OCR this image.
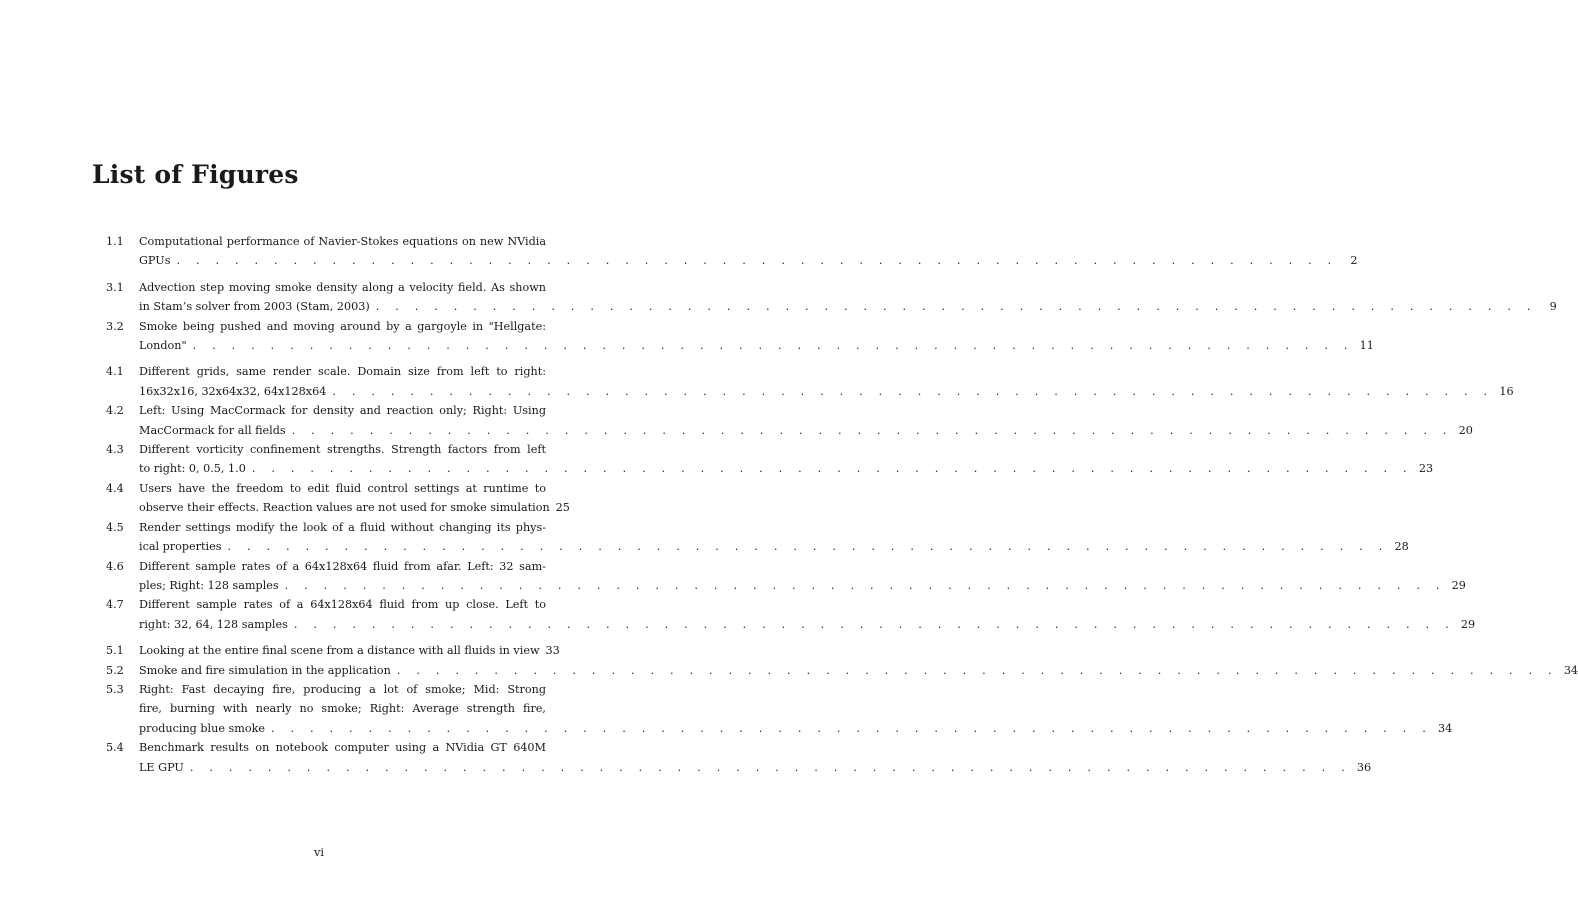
List of Figures
1.1 Computational performance of Navier-Stokes equations on new NVidia
GPUs . . . . . . . . . . . . . . . . . . . . . . . . . . . . . . . . . . . . . . . . . . . . . . . . . . . . . . . . . . . .	2
3.1 Advection step moving smoke density along a velocity field. As shown
in Stam’s solver from 2003 (Stam, 2003) . . . . . . . . . . . . . . . . . . . . . . . . . . . . . . . . . . . . . . . . . . . . . . . . . . . . . . . . . . . .	9
3.2 Smoke being pushed and moving around by a gargoyle in "Hellgate:
London" . . . . . . . . . . . . . . . . . . . . . . . . . . . . . . . . . . . . . . . . . . . . . . . . . . . . . . . . . . . . 11
4.1 Different grids, same render scale. Domain size from left to right:
16x32x16, 32x64x32, 64x128x64 . . . . . . . . . . . . . . . . . . . . . . . . . . . . . . . . . . . . . . . . . . . . . . . . . . . . . . . . . . . . 16
4.2 Left: Using MacCormack for density and reaction only; Right: Using
MacCormack for all fields . . . . . . . . . . . . . . . . . . . . . . . . . . . . . . . . . . . . . . . . . . . . . . . . . . . . . . . . . . . . 20
4.3 Different vorticity confinement strengths. Strength factors from left
to right: 0, 0.5, 1.0 . . . . . . . . . . . . . . . . . . . . . . . . . . . . . . . . . . . . . . . . . . . . . . . . . . . . . . . . . . . . 23
4.4 Users have the freedom to edit fluid control settings at runtime to
observe their effects. Reaction values are not used for smoke simulation 25
4.5 Render settings modify the look of a fluid without changing its phys-
ical properties . . . . . . . . . . . . . . . . . . . . . . . . . . . . . . . . . . . . . . . . . . . . . . . . . . . . . . . . . . . . 28
4.6 Different sample rates of a 64x128x64 fluid from afar. Left: 32 sam-
ples; Right: 128 samples . . . . . . . . . . . . . . . . . . . . . . . . . . . . . . . . . . . . . . . . . . . . . . . . . . . . . . . . . . . . 29
4.7 Different sample rates of a 64x128x64 fluid from up close. Left to
right: 32, 64, 128 samples . . . . . . . . . . . . . . . . . . . . . . . . . . . . . . . . . . . . . . . . . . . . . . . . . . . . . . . . . . . . 29
5.1 Looking at the entire final scene from a distance with all fluids in view 33
5.2 Smoke and fire simulation in the application . . . . . . . . . . . . . . . . . . . . . . . . . . . . . . . . . . . . . . . . . . . . . . . . . . . . . . . . . . . . 34
5.3 Right: Fast decaying fire, producing a lot of smoke; Mid: Strong
fire, burning with nearly no smoke; Right: Average strength fire,
producing blue smoke . . . . . . . . . . . . . . . . . . . . . . . . . . . . . . . . . . . . . . . . . . . . . . . . . . . . . . . . . . . . 34
5.4 Benchmark results on notebook computer using a NVidia GT 640M
LE GPU . . . . . . . . . . . . . . . . . . . . . . . . . . . . . . . . . . . . . . . . . . . . . . . . . . . . . . . . . . . . 36
vi
